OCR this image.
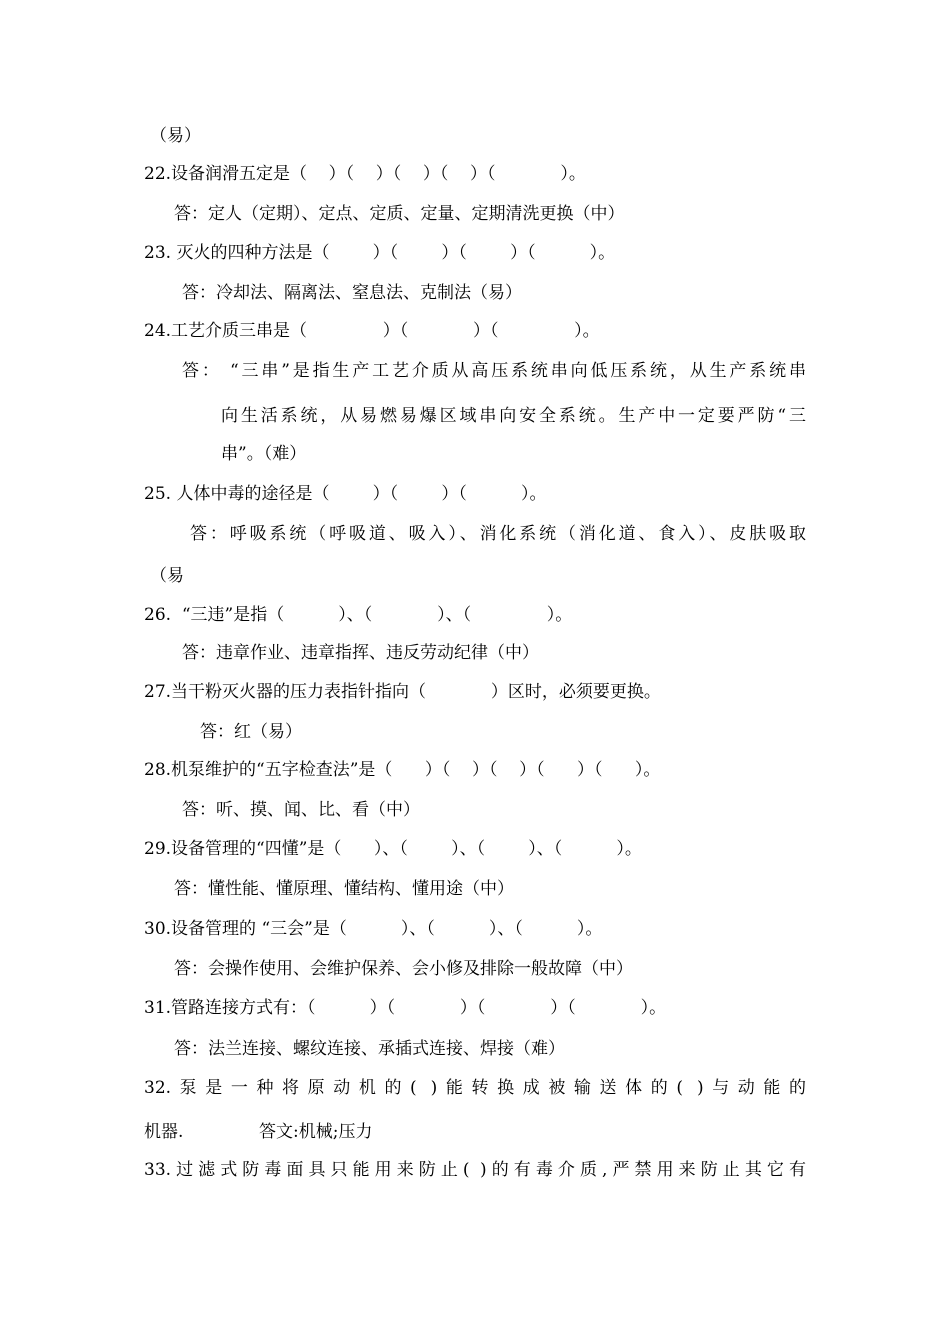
（易）
22.设备润滑五定是（    ）（    ）（    ）（    ）（            ）。
答：定人（定期）、定点、定质、定量、定期清洗更换（中）
23. 灭火的四种方法是（        ）（        ）（        ）（          ）。
答：冷却法、隔离法、窒息法、克制法（易）
24.工艺介质三串是（              ）（            ）（              ）。
答： “三串”是指生产工艺介质从高压系统串向低压系统，从生产系统串
向生活系统，从易燃易爆区域串向安全系统。生产中一定要严防“三
串”。（难）
25. 人体中毒的途径是（        ）（        ）（          ）。
答：呼吸系统（呼吸道、吸入）、消化系统（消化道、食入）、皮肤吸取
（易
26.  “三违”是指（          ）、（            ）、（              ）。
答：违章作业、违章指挥、违反劳动纪律（中）
27.当干粉灭火器的压力表指针指向（            ）区时，必须要更换。
答：红（易）
28.机泵维护的“五字检查法”是（      ）（    ）（    ）（      ）（      ）。
答：听、摸、闻、比、看（中）
29.设备管理的“四懂”是（      ）、（        ）、（        ）、（          ）。
答：懂性能、懂原理、懂结构、懂用途（中）
30.设备管理的 “三会”是（          ）、（          ）、（          ）。
答：会操作使用、会维护保养、会小修及排除一般故障（中）
31.管路连接方式有：（          ）（            ）（            ）（            ）。
答：法兰连接、螺纹连接、承插式连接、焊接（难）
32.泵是一种将原动机的( )能转换成被输送体的( )与动能的
机器.              答文:机械;压力
33.过滤式防毒面具只能用来防止( )的有毒介质,严禁用来防止其它有
